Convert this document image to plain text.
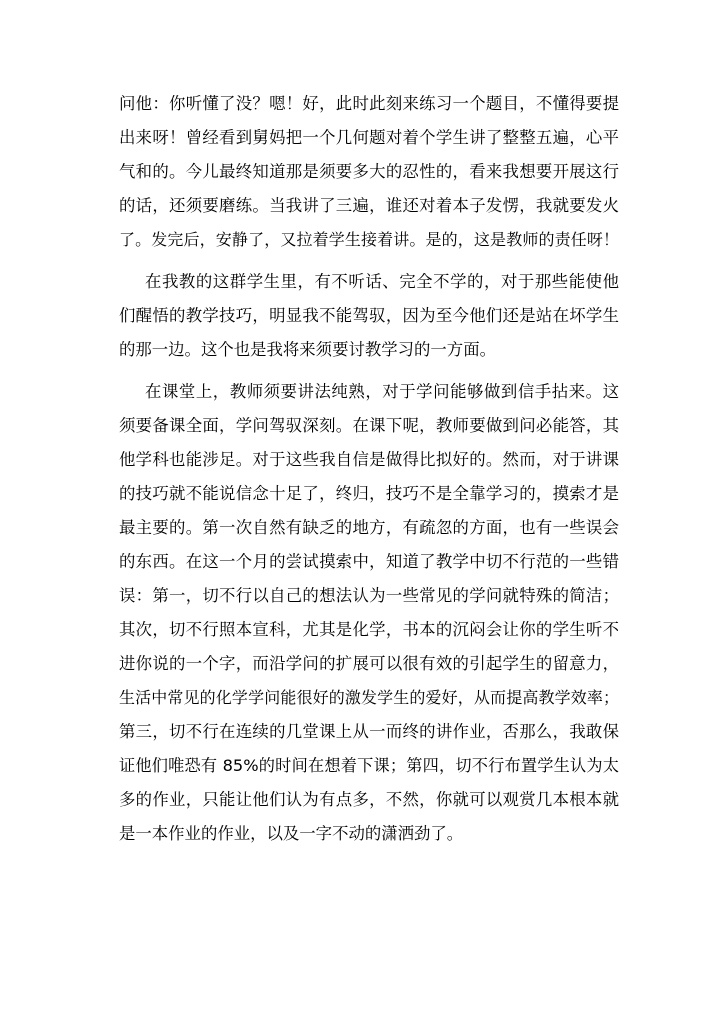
问他：你听懂了没？嗯！好，此时此刻来练习一个题目，不懂得要提
出来呀！曾经看到舅妈把一个几何题对着个学生讲了整整五遍，心平
气和的。今儿最终知道那是须要多大的忍性的，看来我想要开展这行
的话，还须要磨练。当我讲了三遍，谁还对着本子发愣，我就要发火
了。发完后，安静了，又拉着学生接着讲。是的，这是教师的责任呀！
在我教的这群学生里，有不听话、完全不学的，对于那些能使他
们醒悟的教学技巧，明显我不能驾驭，因为至今他们还是站在坏学生
的那一边。这个也是我将来须要讨教学习的一方面。
在课堂上，教师须要讲法纯熟，对于学问能够做到信手拈来。这
须要备课全面，学问驾驭深刻。在课下呢，教师要做到问必能答，其
他学科也能涉足。对于这些我自信是做得比拟好的。然而，对于讲课
的技巧就不能说信念十足了，终归，技巧不是全靠学习的，摸索才是
最主要的。第一次自然有缺乏的地方，有疏忽的方面，也有一些误会
的东西。在这一个月的尝试摸索中，知道了教学中切不行范的一些错
误：第一，切不行以自己的想法认为一些常见的学问就特殊的简洁；
其次，切不行照本宣科，尤其是化学，书本的沉闷会让你的学生听不
进你说的一个字，而沿学问的扩展可以很有效的引起学生的留意力，
生活中常见的化学学问能很好的激发学生的爱好，从而提高教学效率；
第三，切不行在连续的几堂课上从一而终的讲作业，否那么，我敢保
证他们唯恐有 85%的时间在想着下课；第四，切不行布置学生认为太
多的作业，只能让他们认为有点多，不然，你就可以观赏几本根本就
是一本作业的作业，以及一字不动的潇洒劲了。
